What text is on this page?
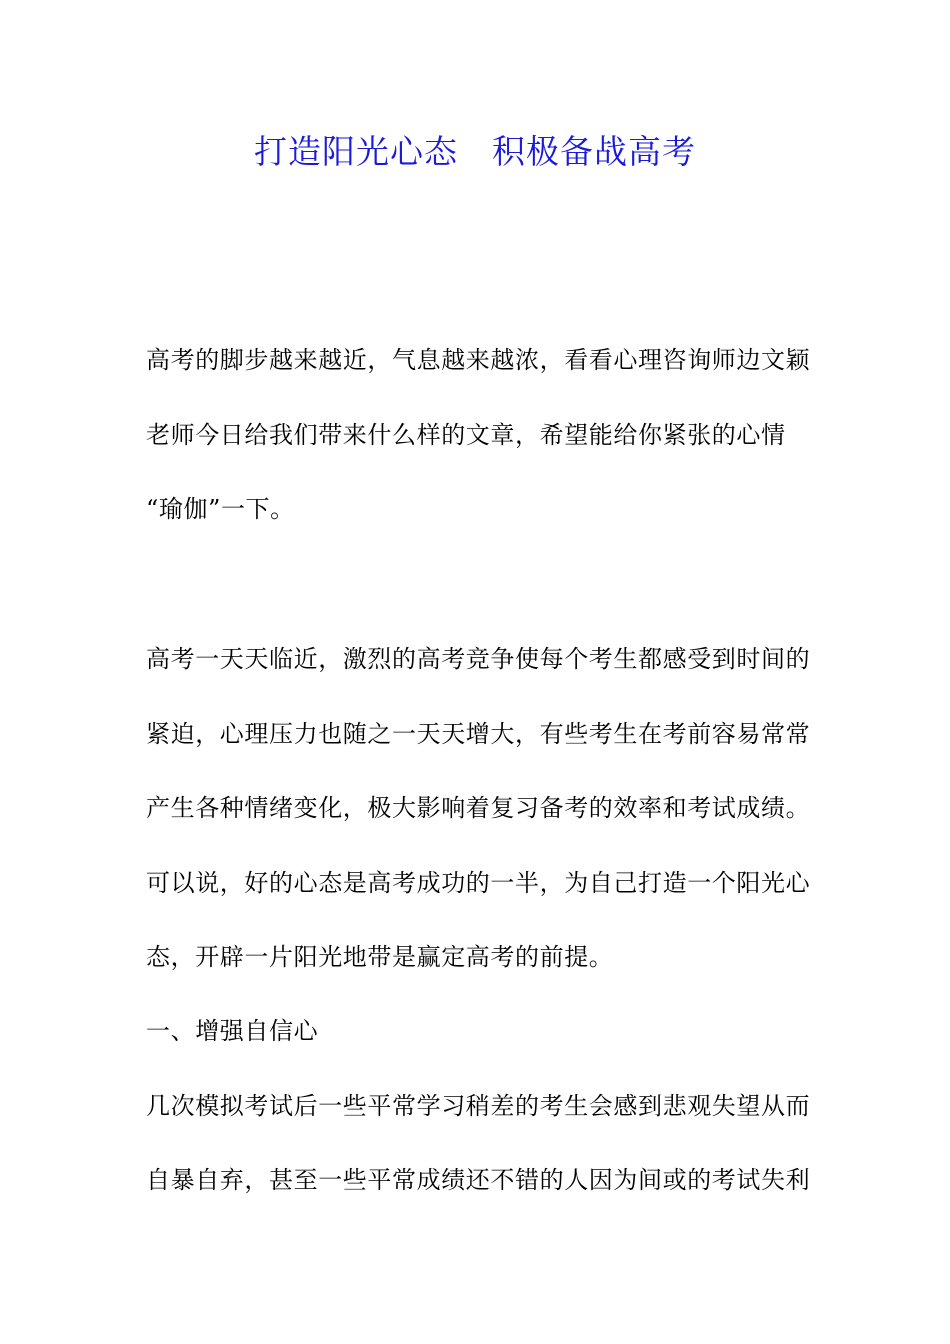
打造阳光心态　积极备战高考
高考的脚步越来越近，气息越来越浓，看看心理咨询师边文颖
老师今日给我们带来什么样的文章，希望能给你紧张的心情
“瑜伽”一下。
高考一天天临近，激烈的高考竞争使每个考生都感受到时间的
紧迫，心理压力也随之一天天增大，有些考生在考前容易常常
产生各种情绪变化，极大影响着复习备考的效率和考试成绩。
可以说，好的心态是高考成功的一半，为自己打造一个阳光心
态，开辟一片阳光地带是赢定高考的前提。
一、增强自信心
几次模拟考试后一些平常学习稍差的考生会感到悲观失望从而
自暴自弃，甚至一些平常成绩还不错的人因为间或的考试失利
